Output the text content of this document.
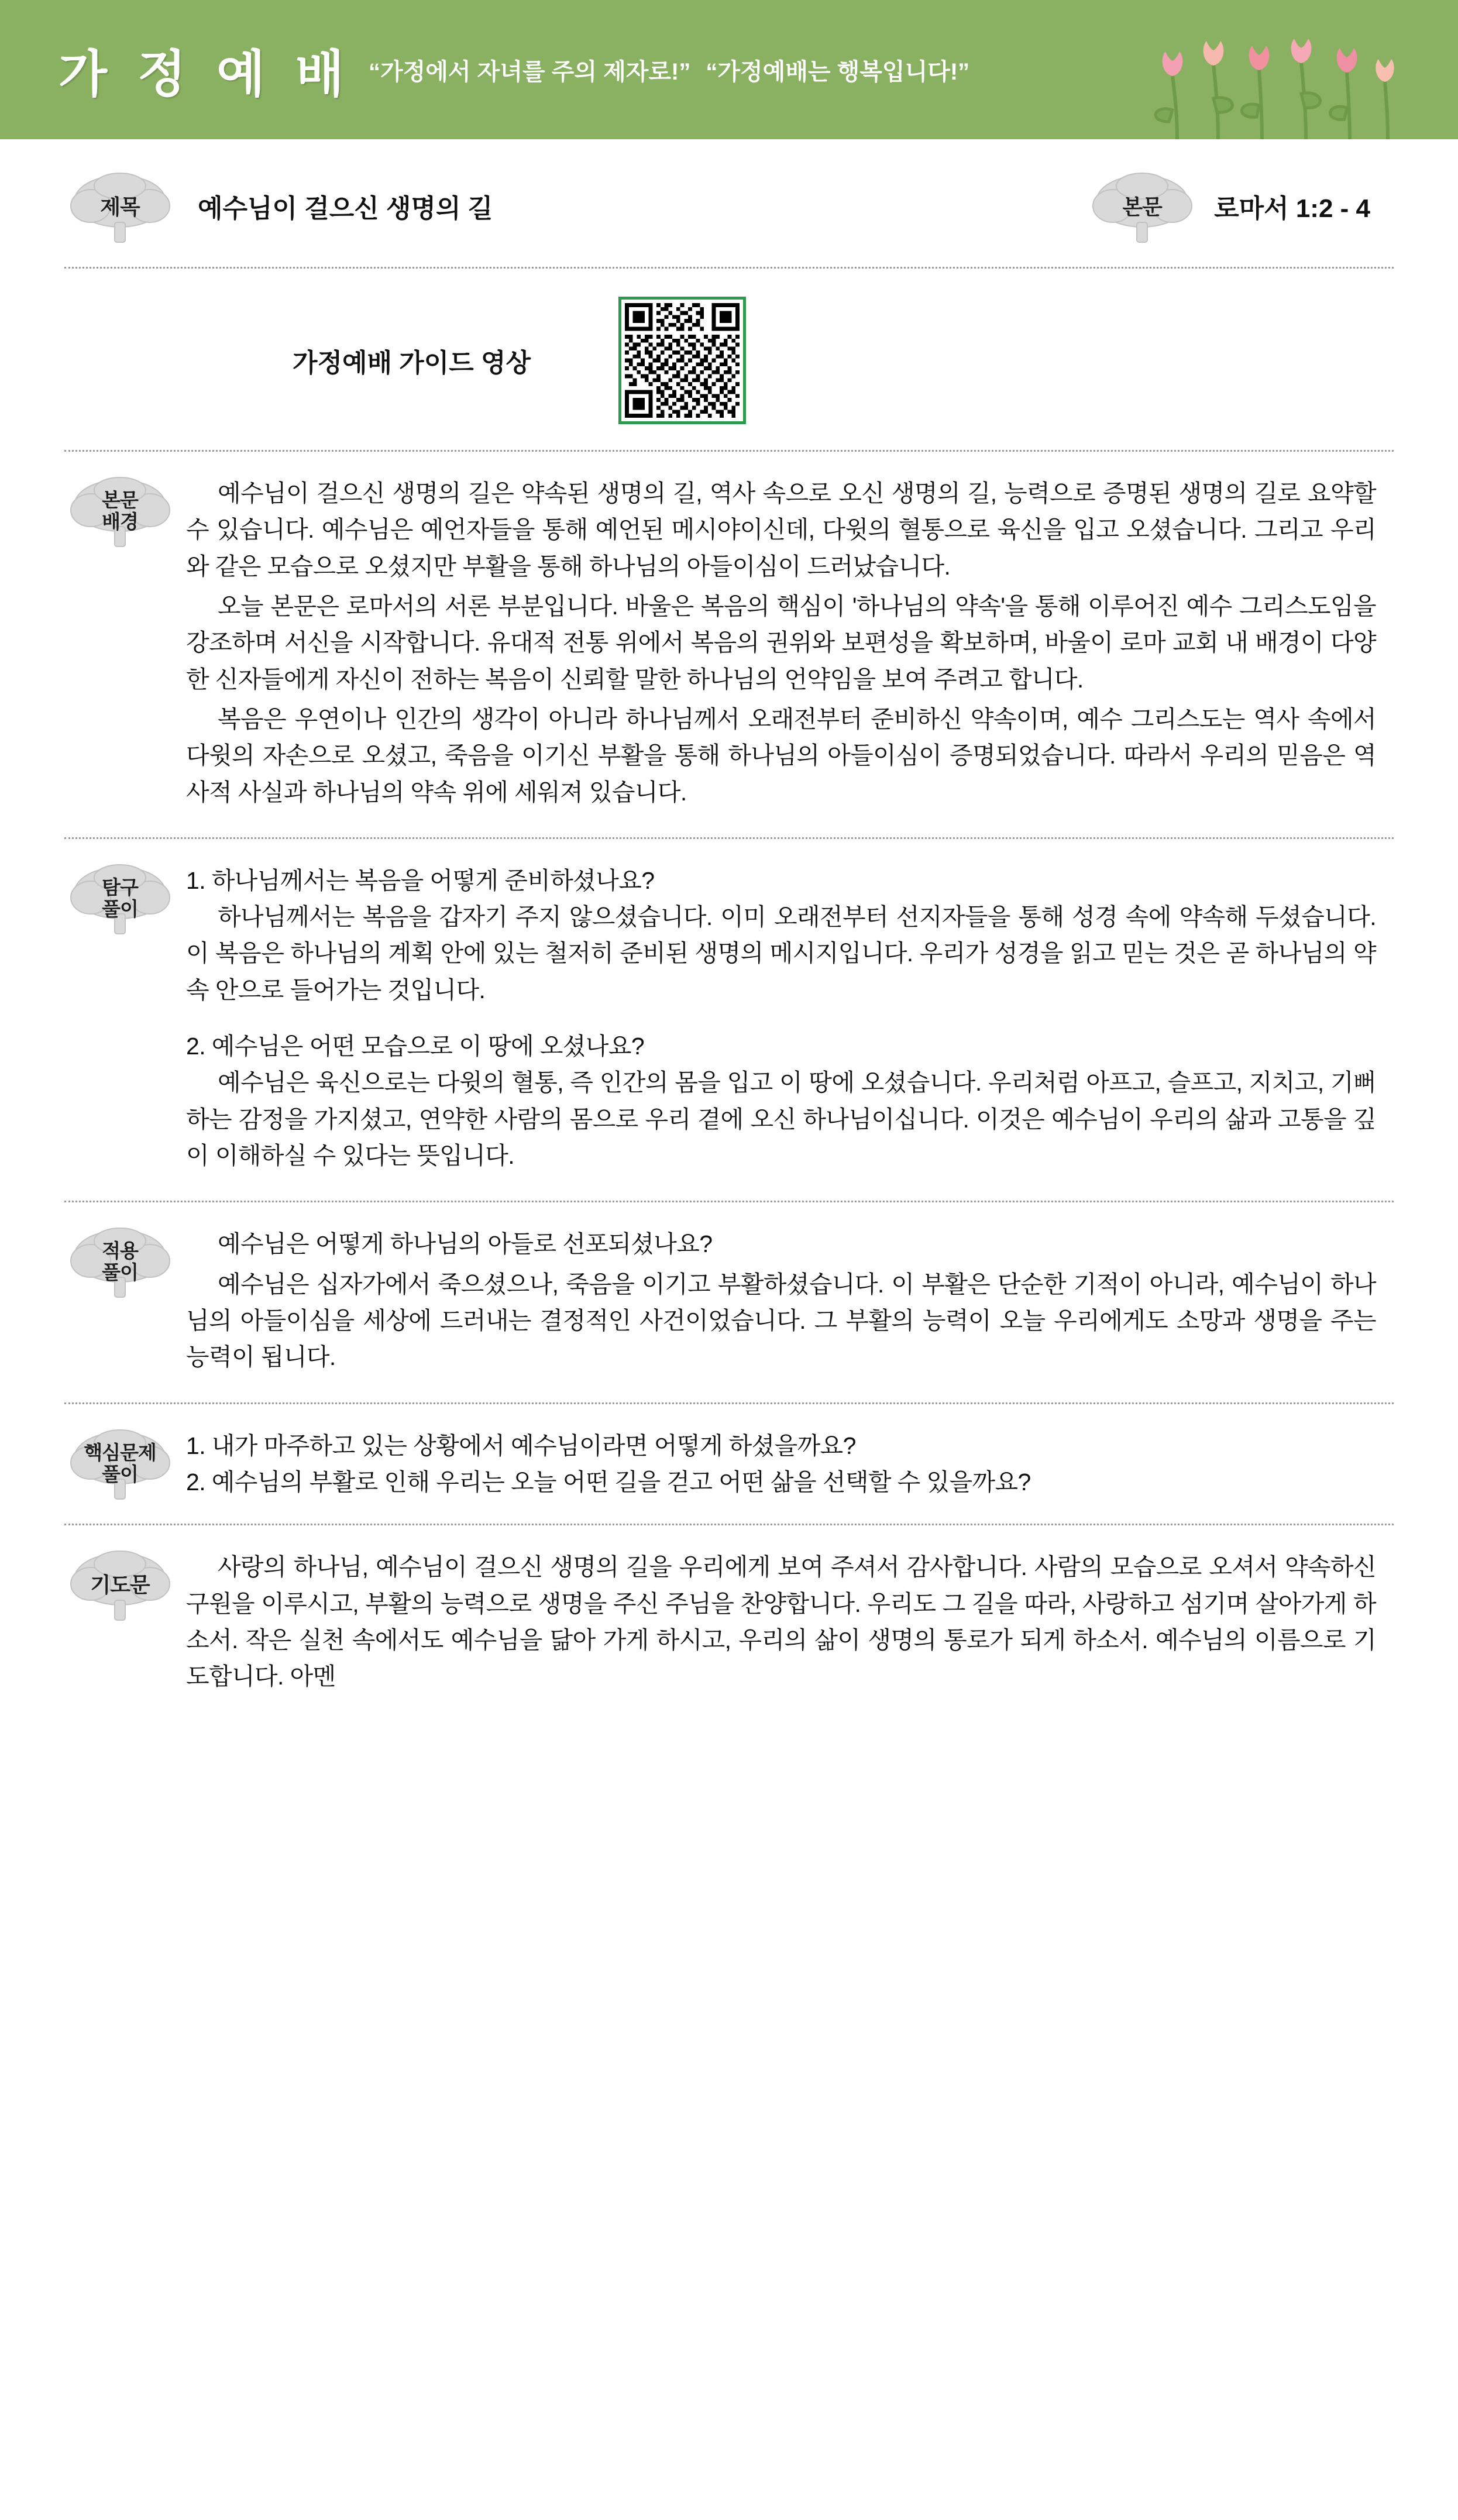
가 정 예 배 “가정에서 자녀를 주의 제자로!” “가정예배는 행복입니다!”
제목 예수님이 걸으신 생명의 길	본문 로마서 1:2 - 4
가정예배 가이드 영상
본문
배경

예수님이 걸으신 생명의 길은 약속된 생명의 길, 역사 속으로 오신 생명의 길, 능력으로 증명된 생명의 길로 요약할 수 있습니다. 예수님은 예언자들을 통해 예언된 메시야이신데, 다윗의 혈통으로 육신을 입고 오셨습니다. 그리고 우리와 같은 모습으로 오셨지만 부활을 통해 하나님의 아들이심이 드러났습니다.

오늘 본문은 로마서의 서론 부분입니다. 바울은 복음의 핵심이 '하나님의 약속'을 통해 이루어진 예수 그리스도임을 강조하며 서신을 시작합니다. 유대적 전통 위에서 복음의 권위와 보편성을 확보하며, 바울이 로마 교회 내 배경이 다양한 신자들에게 자신이 전하는 복음이 신뢰할 말한 하나님의 언약임을 보여 주려고 합니다.

복음은 우연이나 인간의 생각이 아니라 하나님께서 오래전부터 준비하신 약속이며, 예수 그리스도는 역사 속에서 다윗의 자손으로 오셨고, 죽음을 이기신 부활을 통해 하나님의 아들이심이 증명되었습니다. 따라서 우리의 믿음은 역사적 사실과 하나님의 약속 위에 세워져 있습니다.

탐구
풀이

1. 하나님께서는 복음을 어떻게 준비하셨나요?

하나님께서는 복음을 갑자기 주지 않으셨습니다. 이미 오래전부터 선지자들을 통해 성경 속에 약속해 두셨습니다. 이 복음은 하나님의 계획 안에 있는 철저히 준비된 생명의 메시지입니다. 우리가 성경을 읽고 믿는 것은 곧 하나님의 약속 안으로 들어가는 것입니다.

2. 예수님은 어떤 모습으로 이 땅에 오셨나요?

예수님은 육신으로는 다윗의 혈통, 즉 인간의 몸을 입고 이 땅에 오셨습니다. 우리처럼 아프고, 슬프고, 지치고, 기뻐하는 감정을 가지셨고, 연약한 사람의 몸으로 우리 곁에 오신 하나님이십니다. 이것은 예수님이 우리의 삶과 고통을 깊이 이해하실 수 있다는 뜻입니다.

적용
풀이

예수님은 어떻게 하나님의 아들로 선포되셨나요?

예수님은 십자가에서 죽으셨으나, 죽음을 이기고 부활하셨습니다. 이 부활은 단순한 기적이 아니라, 예수님이 하나님의 아들이심을 세상에 드러내는 결정적인 사건이었습니다. 그 부활의 능력이 오늘 우리에게도 소망과 생명을 주는 능력이 됩니다.

핵심문제
풀이

1. 내가 마주하고 있는 상황에서 예수님이라면 어떻게 하셨을까요?

2. 예수님의 부활로 인해 우리는 오늘 어떤 길을 걷고 어떤 삶을 선택할 수 있을까요?

기도문

사랑의 하나님, 예수님이 걸으신 생명의 길을 우리에게 보여 주셔서 감사합니다. 사람의 모습으로 오셔서 약속하신 구원을 이루시고, 부활의 능력으로 생명을 주신 주님을 찬양합니다. 우리도 그 길을 따라, 사랑하고 섬기며 살아가게 하소서. 작은 실천 속에서도 예수님을 닮아 가게 하시고, 우리의 삶이 생명의 통로가 되게 하소서. 예수님의 이름으로 기도합니다. 아멘
